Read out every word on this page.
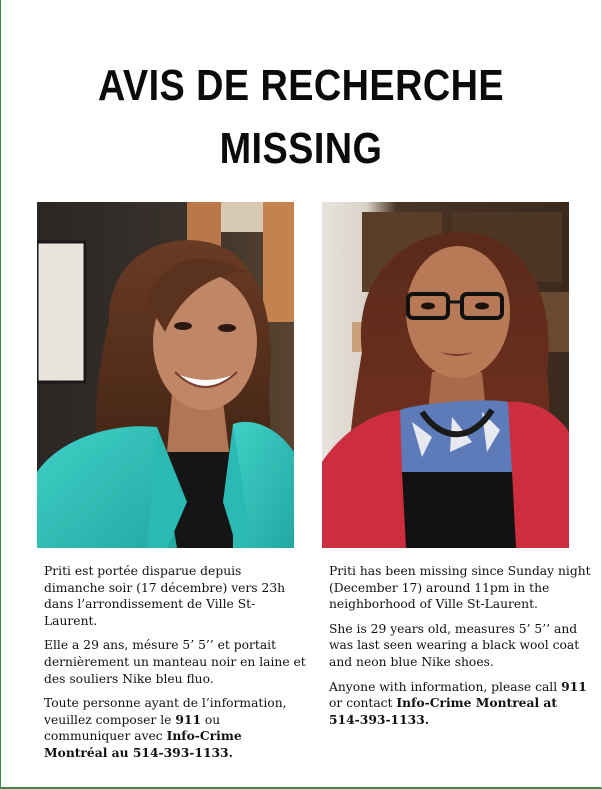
AVIS DE RECHERCHE
MISSING

Priti est portée disparue depuis dimanche soir (17 décembre) vers 23h dans l’arrondissement de Ville St-Laurent.

Elle a 29 ans, mésure 5’ 5’’ et portait dernièrement un manteau noir en laine et des souliers Nike bleu fluo.

Toute personne ayant de l’information, veuillez composer le 911 ou communiquer avec Info-Crime Montréal au 514-393-1133.

Priti has been missing since Sunday night (December 17) around 11pm in the neighborhood of Ville St-Laurent.

She is 29 years old, measures 5’ 5’’ and was last seen wearing a black wool coat and neon blue Nike shoes.

Anyone with information, please call 911 or contact Info-Crime Montreal at 514-393-1133.
